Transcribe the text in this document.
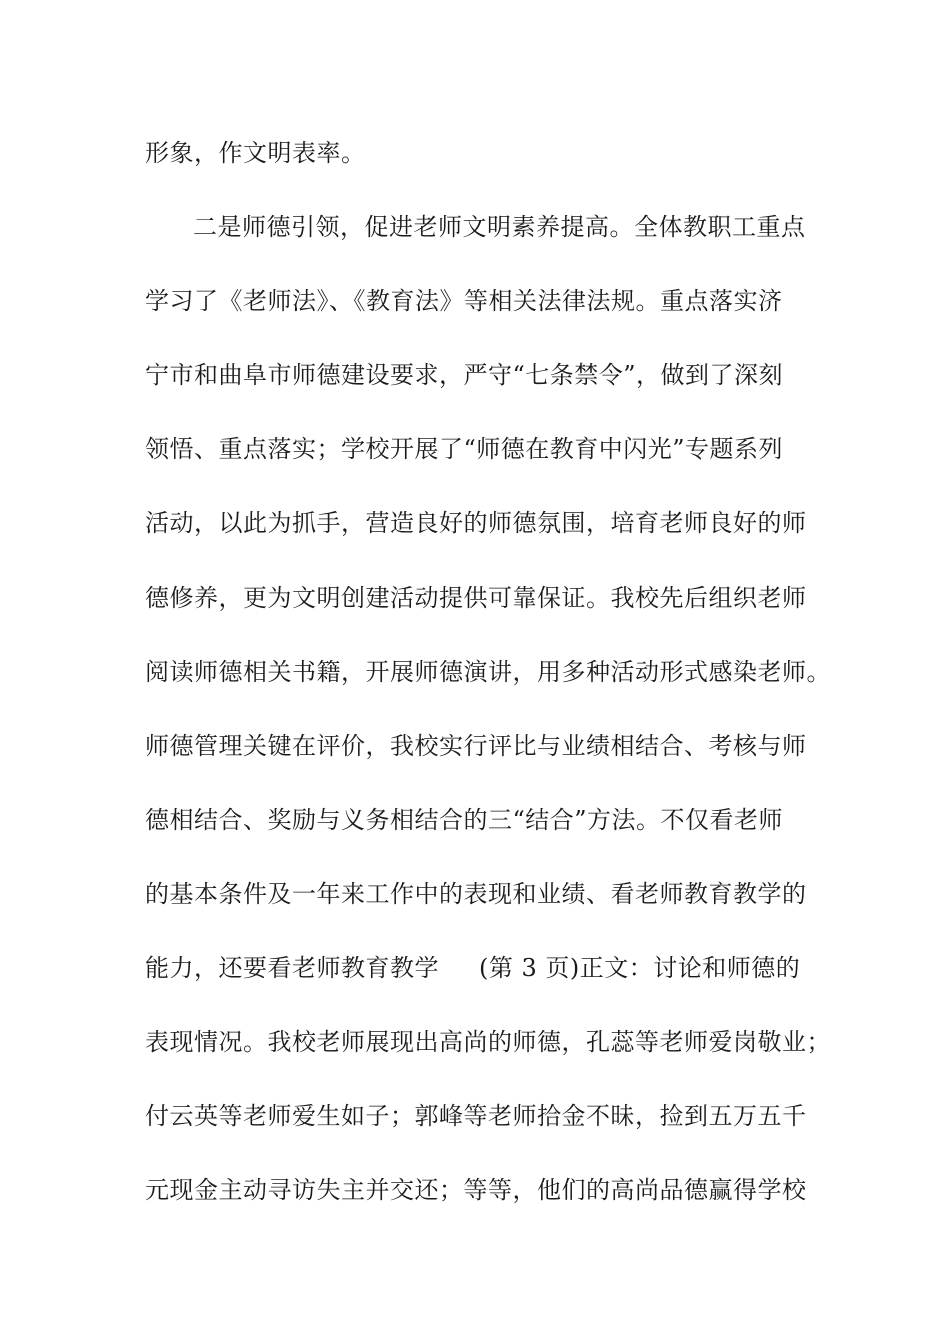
形象，作文明表率。
二是师德引领，促进老师文明素养提高。全体教职工重点
学习了《老师法》、《教育法》等相关法律法规。重点落实济
宁市和曲阜市师德建设要求，严守“七条禁令”，做到了深刻
领悟、重点落实；学校开展了“师德在教育中闪光”专题系列
活动，以此为抓手，营造良好的师德氛围，培育老师良好的师
德修养，更为文明创建活动提供可靠保证。我校先后组织老师
阅读师德相关书籍，开展师德演讲，用多种活动形式感染老师。
师德管理关键在评价，我校实行评比与业绩相结合、考核与师
德相结合、奖励与义务相结合的三“结合”方法。不仅看老师
的基本条件及一年来工作中的表现和业绩、看老师教育教学的
能力，还要看老师教育教学 (第 3 页)正文：讨论和师德的
表现情况。我校老师展现出高尚的师德，孔蕊等老师爱岗敬业；
付云英等老师爱生如子；郭峰等老师拾金不昧，捡到五万五千
元现金主动寻访失主并交还；等等，他们的高尚品德赢得学校
